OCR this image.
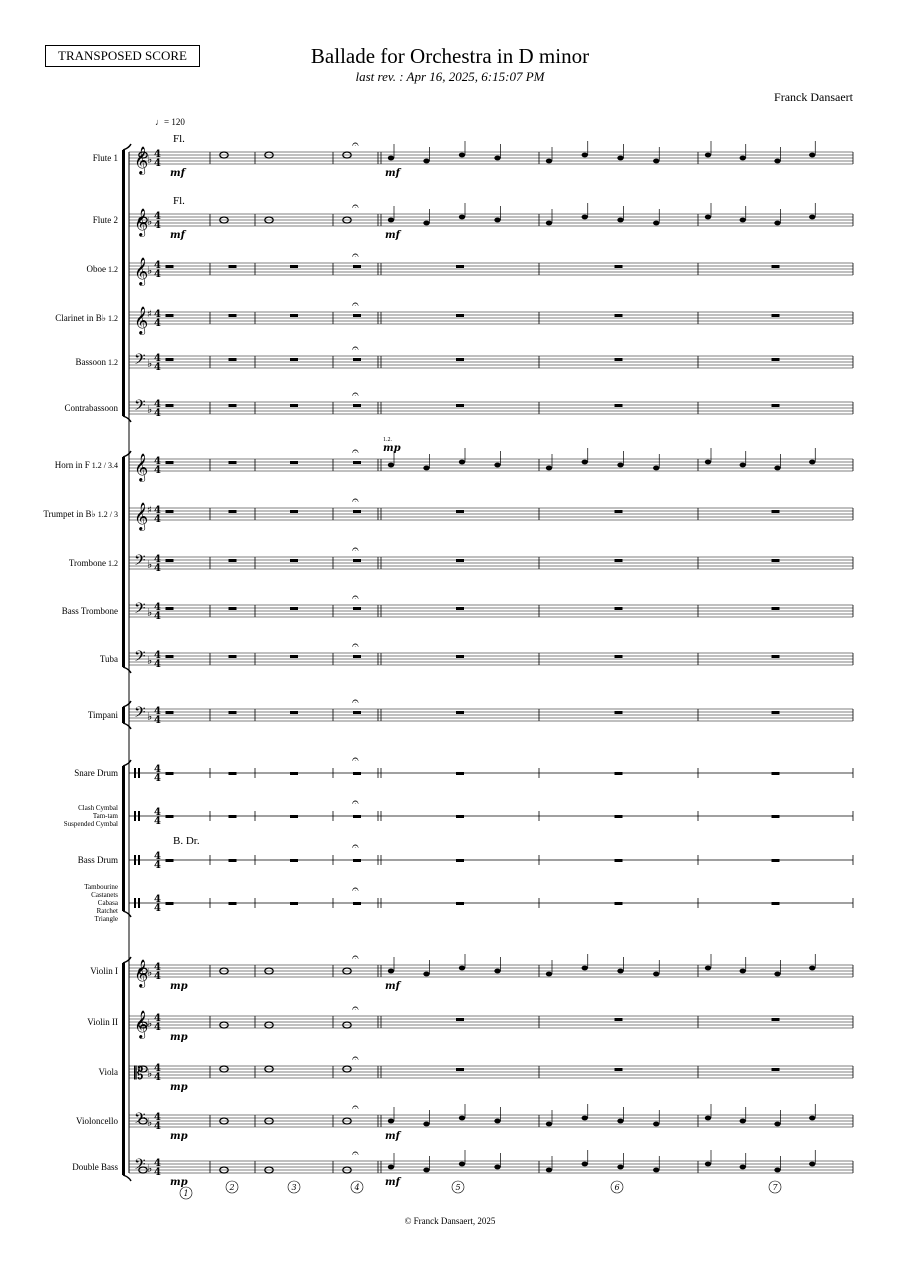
TRANSPOSED SCORE	Ballade for Orchestra in D minor
last rev. : Apr 16, 2025, 6:15:07 PM
Franck Dansaert
♩= 120
𝄞
♭ 4
4
𝄐
Fl.
mf	mf
𝄞
♭ 4
4
𝄐
Fl.
mf	mf
𝄞
♭ 4
4
𝄐
𝄞
♯ 4
4
𝄐
𝄢 ♭ 4
4
𝄐
𝄢 ♭ 4
4
𝄐
𝄞 4
4
𝄐
1.2.
mp
𝄞
♯ 4
4
𝄐
𝄢 ♭ 4
4
𝄐
𝄢 ♭ 4
4
𝄐
𝄢 ♭ 4
4
𝄐
𝄢 ♭ 4
4
𝄐
4
4
𝄐
4
4
𝄐
4
4
𝄐
B. Dr.
4
4
𝄐
𝄞
♭ 4
4
𝄐
mp	mf
𝄞
♭ 4
4
𝄐
mp
𝄡 ♭ 4
4
𝄐
mp
𝄢 ♭ 4
4
𝄐
mp	mf
𝄢 ♭ 4
4
𝄐
mp	mf
1
2	3	4	5	6	7
Flute 1
Flute 2
Oboe 1.2
Clarinet in B♭ 1.2
Bassoon 1.2
Contrabassoon
Horn in F 1.2 / 3.4
Trumpet in B♭ 1.2 / 3
Trombone 1.2
Bass Trombone
Tuba
Timpani
Snare Drum
Clash Cymbal
Tam-tam
Suspended Cymbal
Bass Drum
Tambourine
Castanets
Cabasa
Ratchet
Triangle
Violin I
Violin II
Viola
Violoncello
Double Bass
© Franck Dansaert, 2025
